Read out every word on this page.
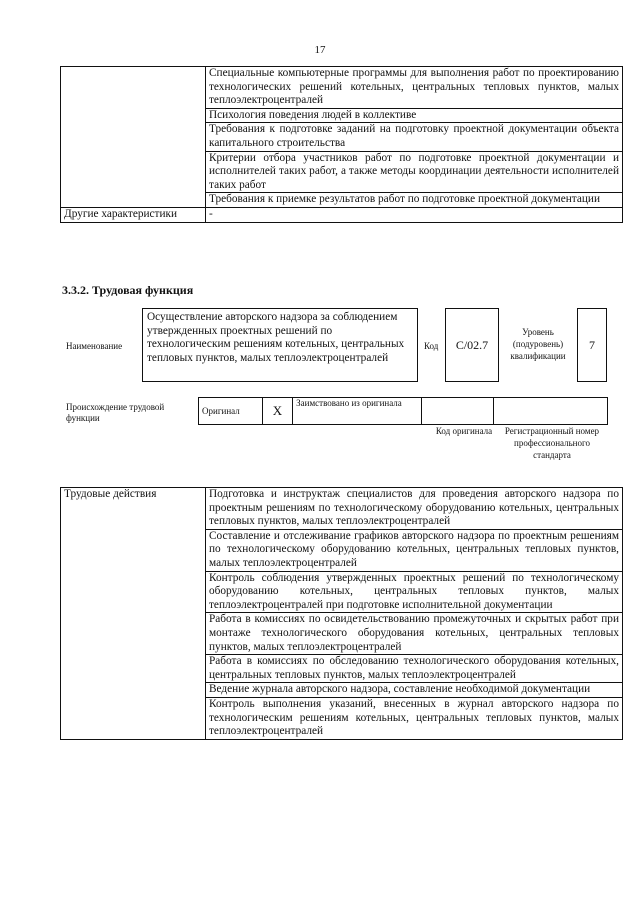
17
	Специальные компьютерные программы для выполнения работ по проектированию технологических решений котельных, центральных тепловых пунктов, малых теплоэлектроцентралей
	Психология поведения людей в коллективе
	Требования к подготовке заданий на подготовку проектной документации объекта капитального строительства
	Критерии отбора участников работ по подготовке проектной документации и исполнителей таких работ, а также методы координации деятельности исполнителей таких работ
	Требования к приемке результатов работ по подготовке проектной документации
Другие характеристики	-
3.3.2. Трудовая функция
Наименование
Осуществление авторского надзора за соблюдением утвержденных проектных решений по технологическим решениям котельных, центральных тепловых пунктов, малых теплоэлектроцентралей
Код	C/02.7
Уровень (подуровень) квалификации
7
Происхождение трудовой функции
Оригинал	X	Заимствовано из оригинала		
Код оригинала	Регистрационный номер профессионального стандарта
Трудовые действия	Подготовка и инструктаж специалистов для проведения авторского надзора по проектным решениям по технологическому оборудованию котельных, центральных тепловых пунктов, малых теплоэлектроцентралей
Составление и отслеживание графиков авторского надзора по проектным решениям по технологическому оборудованию котельных, центральных тепловых пунктов, малых теплоэлектроцентралей
Контроль соблюдения утвержденных проектных решений по технологическому оборудованию котельных, центральных тепловых пунктов, малых теплоэлектроцентралей при подготовке исполнительной документации
Работа в комиссиях по освидетельствованию промежуточных и скрытых работ при монтаже технологического оборудования котельных, центральных тепловых пунктов, малых теплоэлектроцентралей
Работа в комиссиях по обследованию технологического оборудования котельных, центральных тепловых пунктов, малых теплоэлектроцентралей
Ведение журнала авторского надзора, составление необходимой документации
Контроль выполнения указаний, внесенных в журнал авторского надзора по технологическим решениям котельных, центральных тепловых пунктов, малых теплоэлектроцентралей
